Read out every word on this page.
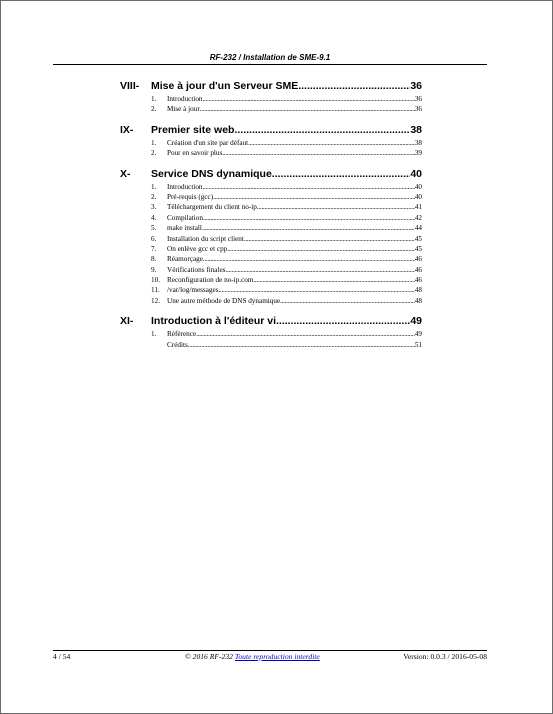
RF-232 / Installation de SME-9.1
VIII- Mise à jour d'un Serveur SME .....	36
1. Introduction .....	36
2. Mise à jour .....	36
IX- Premier site web .....	38
1. Création d'un site par défaut .....	38
2. Pour en savoir plus .....	39
X- Service DNS dynamique .....	40
1. Introduction .....	40
2. Pré-requis (gcc) .....	40
3. Téléchargement du client no-ip .....	41
4. Compilation .....	42
5. make install .....	44
6. Installation du script client .....	45
7. On enlève gcc et cpp .....	45
8. Réamorçage .....	46
9. Vérifications finales .....	46
10. Reconfiguration de no-ip.com .....	46
11. /var/log/messages .....	48
12. Une autre méthode de DNS dynamique .....	48
XI- Introduction à l'éditeur vi .....	49
1. Référence .....	49
Crédits .....	51
4 / 54	© 2016 RF-232 Toute reproduction interdite	Version: 0.0.3 / 2016-05-08
